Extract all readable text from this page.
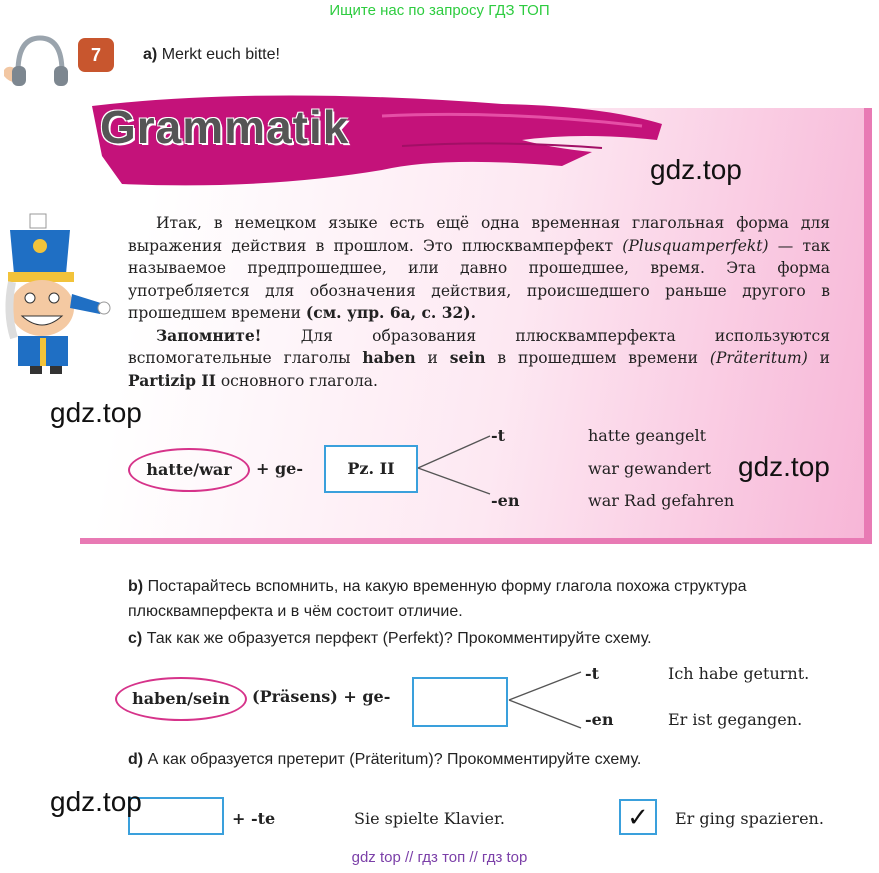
Ищите нас по запросу ГДЗ ТОП
7	a) Merkt euch bitte!
Grammatik
gdz.top

Итак, в немецком языке есть ещё одна временная глагольная форма для выражения действия в прошлом. Это плюсквамперфект (Plusquamperfekt) — так называемое предпрошедшее, или давно прошедшее, время. Эта форма употребляется для обозначения действия, происшедшего раньше другого в прошедшем времени (см. упр. 6a, с. 32).

Запомните! Для образования плюсквамперфекта используются вспомогательные глаголы haben и sein в прошедшем времени (Präteritum) и Partizip II основного глагола.

gdz.top
hatte/war	+ ge-	Pz. II
-t
-en
hatte geangelt
war gewandert
war Rad gefahren
gdz.top
b) Постарайтесь вспомнить, на какую временную форму глагола похожа структура плюсквамперфекта и в чём состоит отличие.
c) Так как же образуется перфект (Perfekt)? Прокомментируйте схему.
haben/sein	(Präsens) + ge-
-t
-en
Ich habe geturnt.
Er ist gegangen.
d) А как образуется претерит (Präteritum)? Прокомментируйте схему.
gdz.top
+ -te	Sie spielte Klavier.	✓	Er ging spazieren.
gdz top // гдз топ // гдз top
